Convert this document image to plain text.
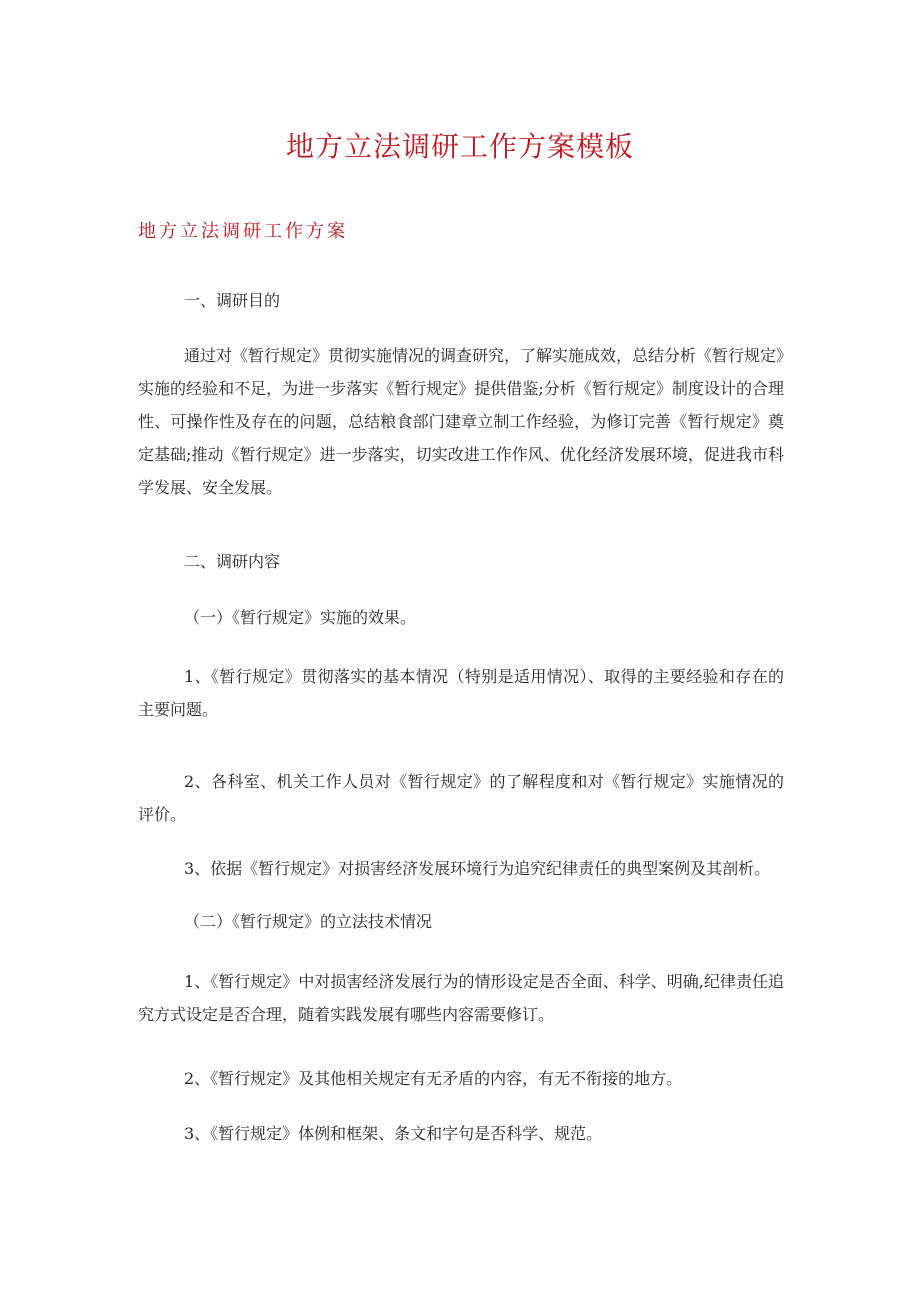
地方立法调研工作方案模板
地方立法调研工作方案
一、调研目的
通过对《暂行规定》贯彻实施情况的调查研究，了解实施成效，总结分析《暂行规定》实施的经验和不足，为进一步落实《暂行规定》提供借鉴;分析《暂行规定》制度设计的合理性、可操作性及存在的问题，总结粮食部门建章立制工作经验，为修订完善《暂行规定》奠定基础;推动《暂行规定》进一步落实，切实改进工作作风、优化经济发展环境，促进我市科学发展、安全发展。
二、调研内容
（一）《暂行规定》实施的效果。
1、《暂行规定》贯彻落实的基本情况（特别是适用情况）、取得的主要经验和存在的主要问题。
2、各科室、机关工作人员对《暂行规定》的了解程度和对《暂行规定》实施情况的评价。
3、依据《暂行规定》对损害经济发展环境行为追究纪律责任的典型案例及其剖析。
（二）《暂行规定》的立法技术情况
1、《暂行规定》中对损害经济发展行为的情形设定是否全面、科学、明确,纪律责任追究方式设定是否合理，随着实践发展有哪些内容需要修订。
2、《暂行规定》及其他相关规定有无矛盾的内容，有无不衔接的地方。
3、《暂行规定》体例和框架、条文和字句是否科学、规范。
